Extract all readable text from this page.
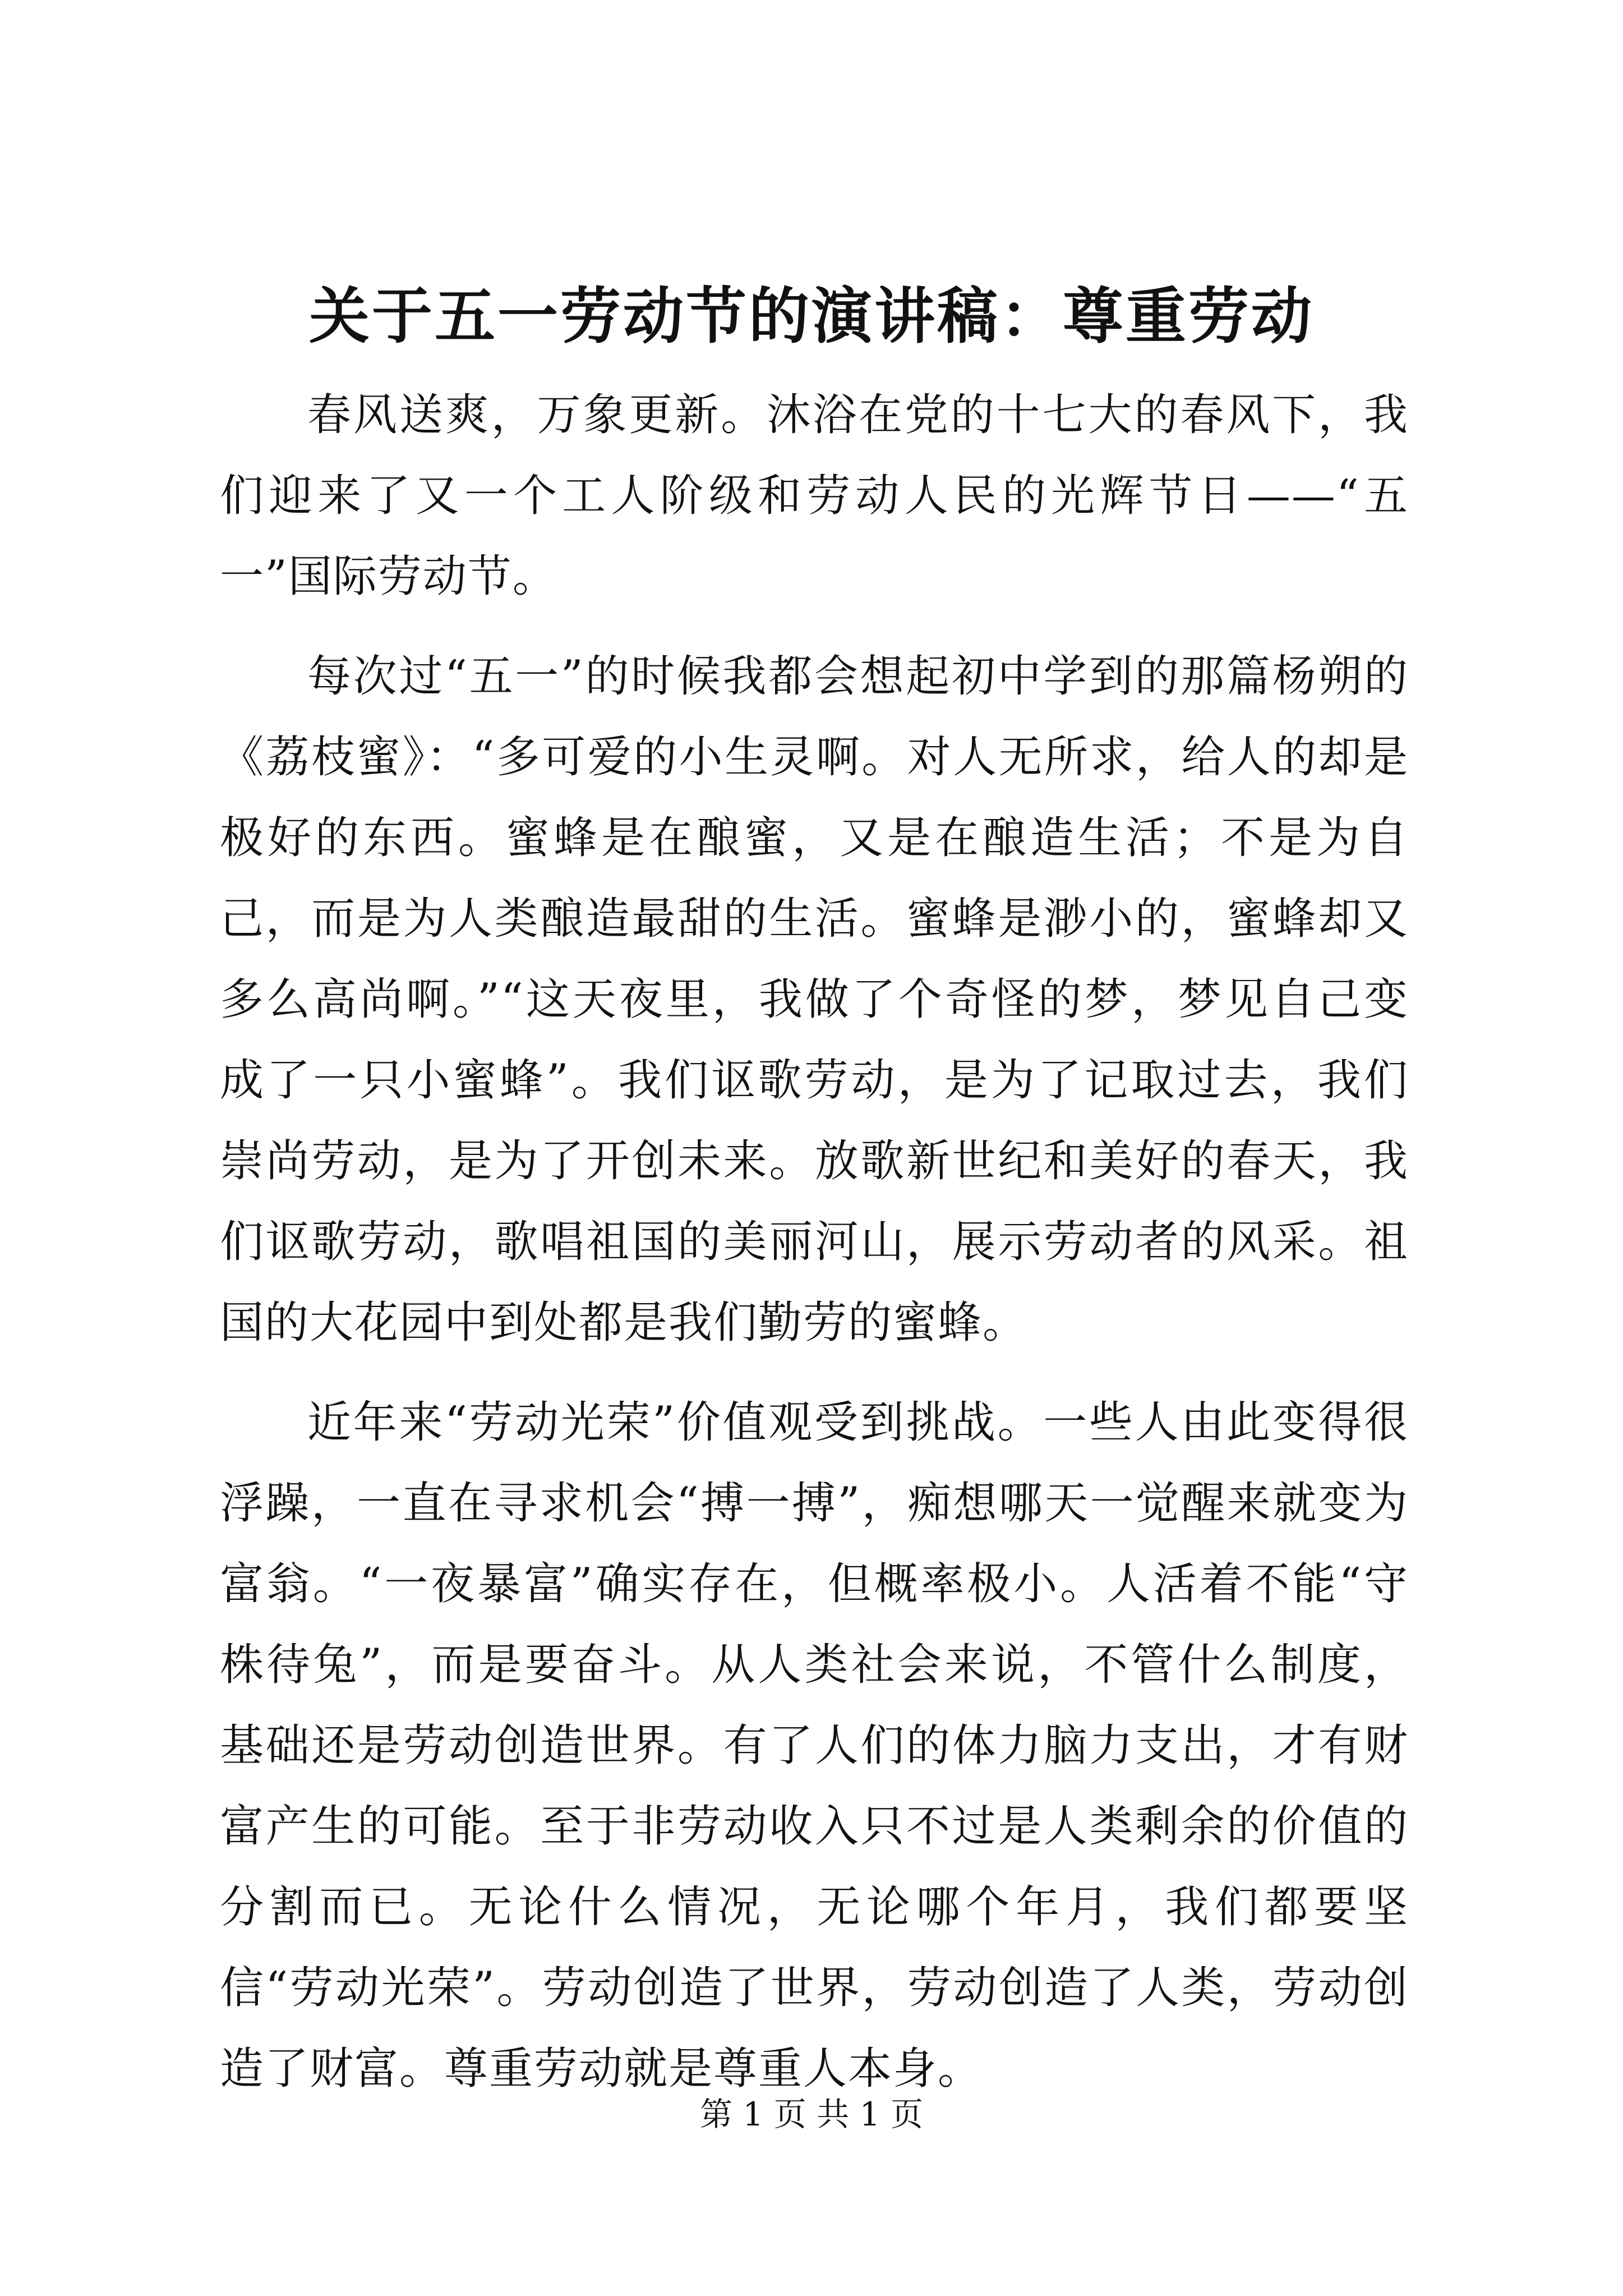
关于五一劳动节的演讲稿：尊重劳动

春风送爽，万象更新。沐浴在党的十七大的春风下，我们迎来了又一个工人阶级和劳动人民的光辉节日——“五一”国际劳动节。

每次过“五一”的时候我都会想起初中学到的那篇杨朔的《荔枝蜜》：“多可爱的小生灵啊。对人无所求，给人的却是极好的东西。蜜蜂是在酿蜜，又是在酿造生活；不是为自己，而是为人类酿造最甜的生活。蜜蜂是渺小的，蜜蜂却又多么高尚啊。”“这天夜里，我做了个奇怪的梦，梦见自己变成了一只小蜜蜂”。我们讴歌劳动，是为了记取过去，我们崇尚劳动，是为了开创未来。放歌新世纪和美好的春天，我们讴歌劳动，歌唱祖国的美丽河山，展示劳动者的风采。祖国的大花园中到处都是我们勤劳的蜜蜂。

近年来“劳动光荣”价值观受到挑战。一些人由此变得很浮躁，一直在寻求机会“搏一搏”，痴想哪天一觉醒来就变为富翁。“一夜暴富”确实存在，但概率极小。人活着不能“守株待兔”，而是要奋斗。从人类社会来说，不管什么制度，基础还是劳动创造世界。有了人们的体力脑力支出，才有财富产生的可能。至于非劳动收入只不过是人类剩余的价值的分割而已。无论什么情况，无论哪个年月，我们都要坚信“劳动光荣”。劳动创造了世界，劳动创造了人类，劳动创造了财富。尊重劳动就是尊重人本身。

第 1 页 共 1 页
